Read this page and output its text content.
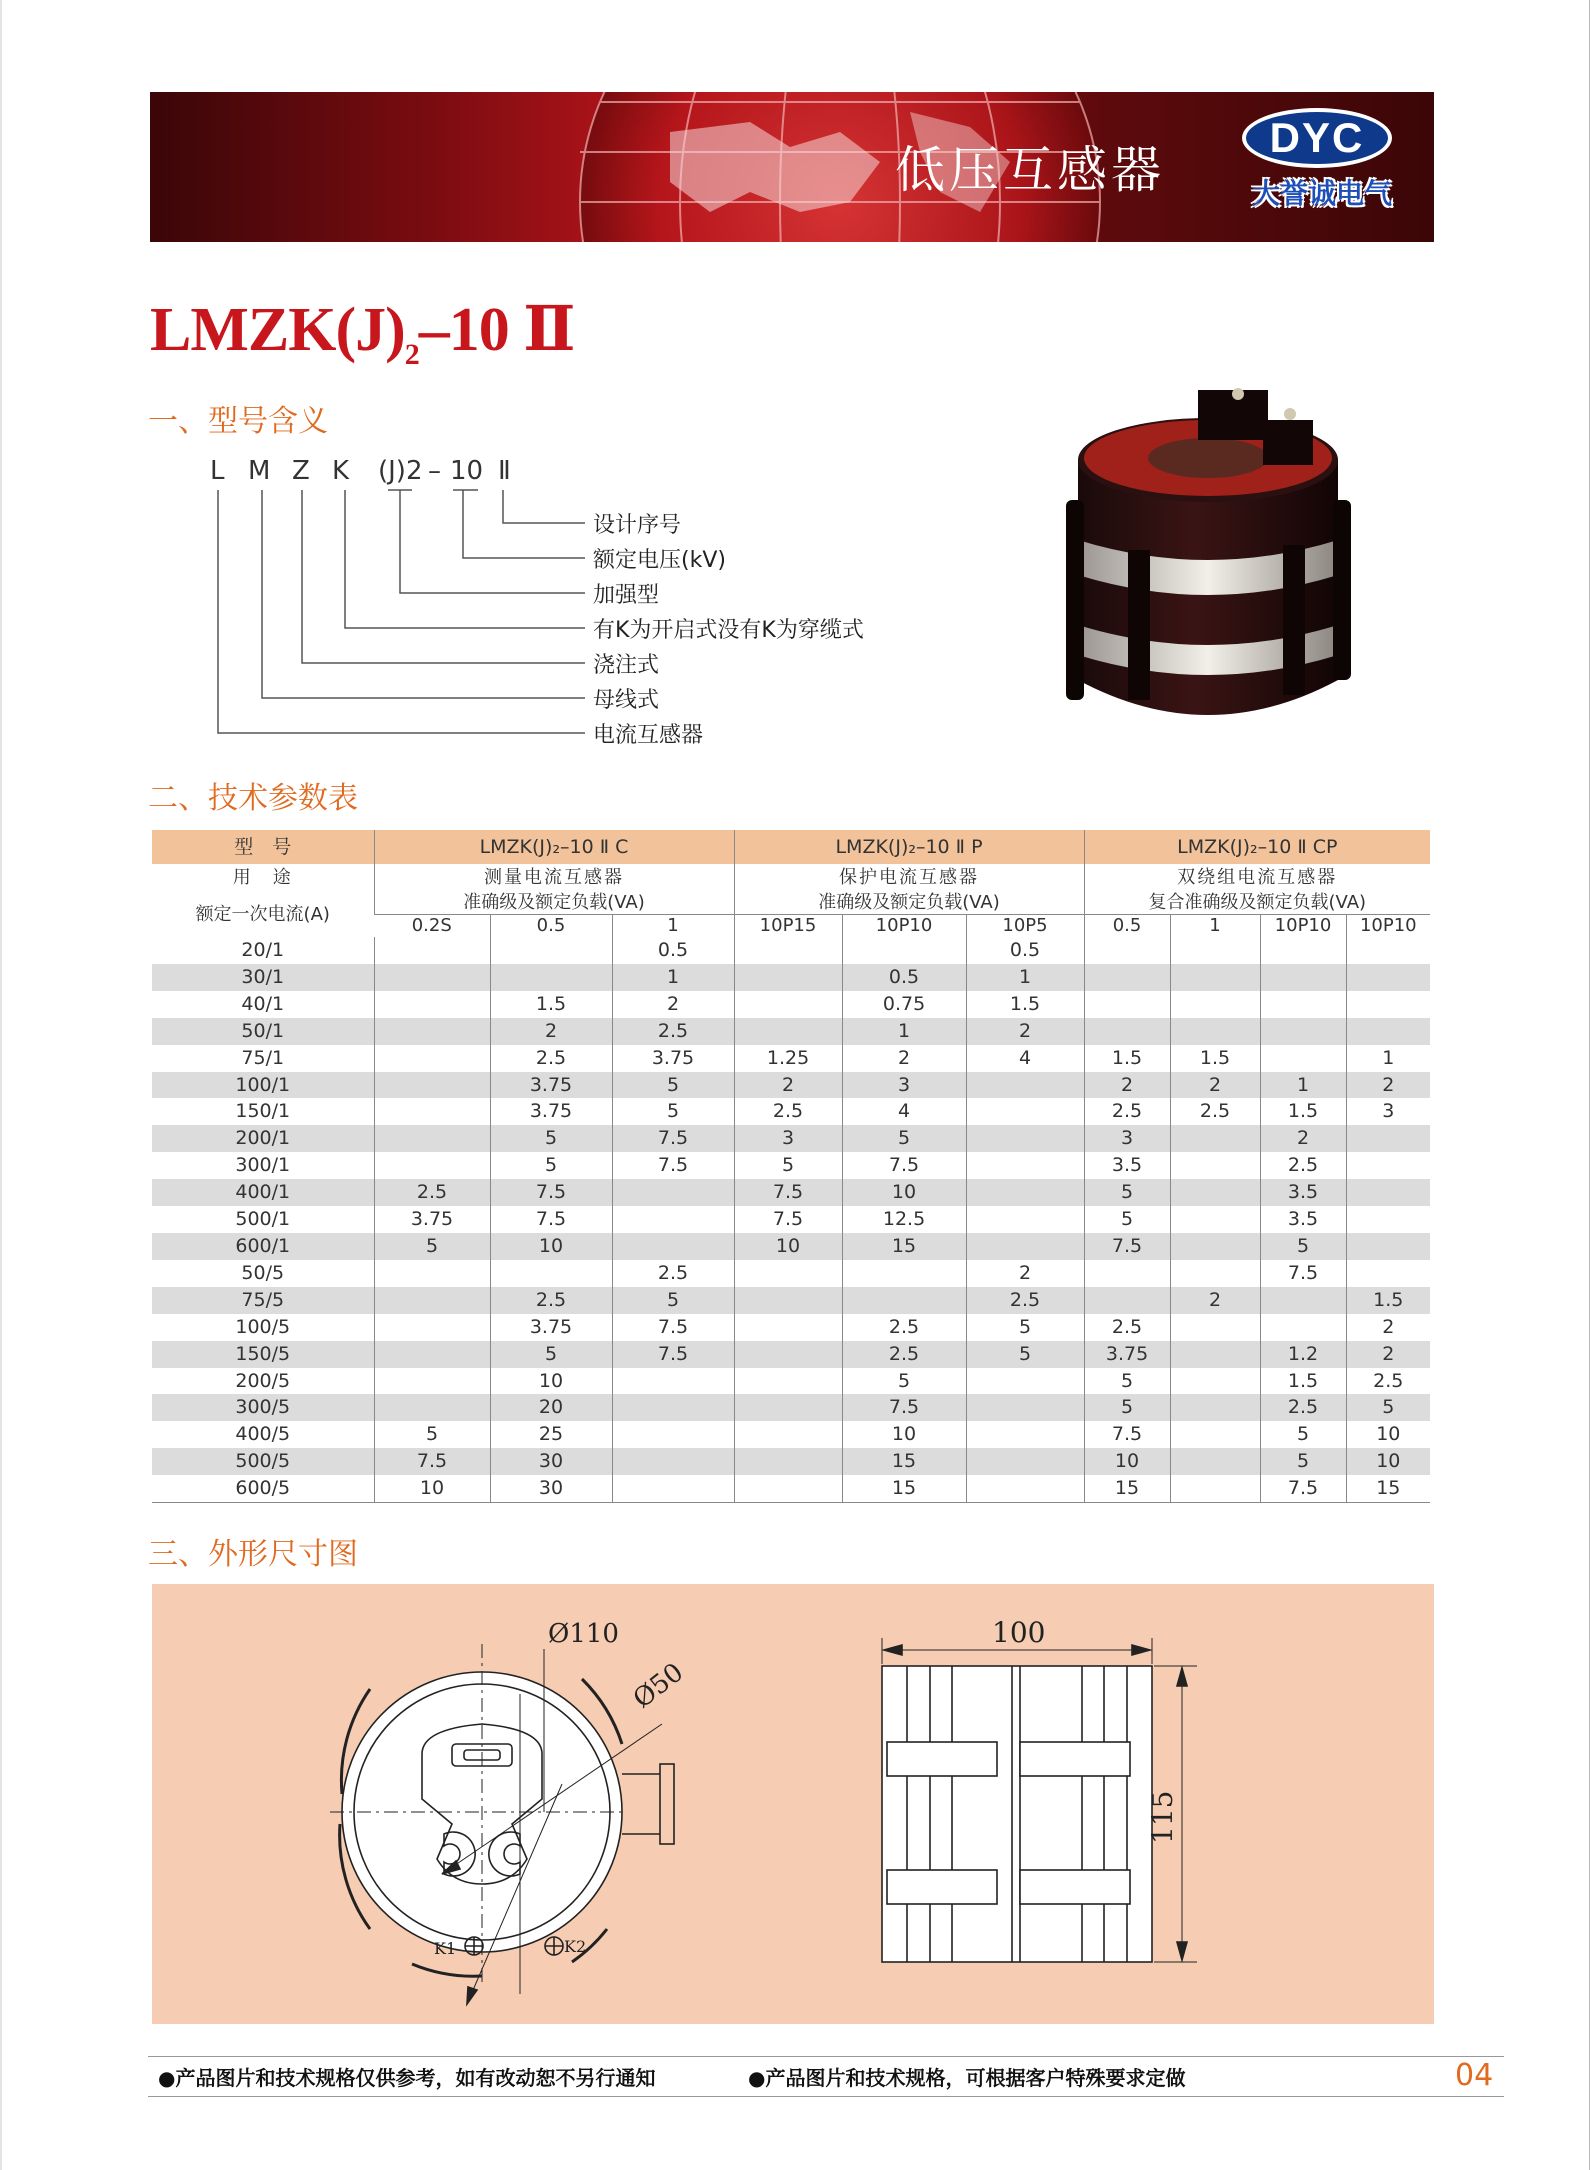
低压互感器
DYC
大誉诚电气
$LMZK(J)_2-10$ Ⅱ
一、型号含义
L M Z K (J)2 – 10 Ⅱ
设计序号
额定电压(kV)
加强型
有K为开启式没有K为穿缆式
浇注式
母线式
电流互感器
二、技术参数表
型　号	LMZK(J)₂–10 Ⅱ C			LMZK(J)₂–10 Ⅱ P			LMZK(J)₂–10 Ⅱ CP			
用　途	测量电流互感器			保护电流互感器			双绕组电流互感器			
额定一次电流(A)	准确级及额定负载(VA)			准确级及额定负载(VA)			复合准确级及额定负载(VA)			
	0.2S	0.5	1	10P15	10P10	10P5	0.5	1	10P10	10P10
20/1			0.5			0.5				
30/1			1		0.5	1				
40/1		1.5	2		0.75	1.5				
50/1		2	2.5		1	2				
75/1		2.5	3.75	1.25	2	4	1.5	1.5		1
100/1		3.75	5	2	3		2	2	1	2
150/1		3.75	5	2.5	4		2.5	2.5	1.5	3
200/1		5	7.5	3	5		3		2	
300/1		5	7.5	5	7.5		3.5		2.5	
400/1	2.5	7.5		7.5	10		5		3.5	
500/1	3.75	7.5		7.5	12.5		5		3.5	
600/1	5	10		10	15		7.5		5	
50/5			2.5			2			7.5	
75/5		2.5	5			2.5		2		1.5
100/5		3.75	7.5		2.5	5	2.5			2
150/5		5	7.5		2.5	5	3.75		1.2	2
200/5		10			5		5		1.5	2.5
300/5		20			7.5		5		2.5	5
400/5	5	25			10		7.5		5	10
500/5	7.5	30			15		10		5	10
600/5	10	30			15		15		7.5	15
三、外形尺寸图
Ø110
Ø50
K1	K2
100
115
●产品图片和技术规格仅供参考，如有改动恕不另行通知	●产品图片和技术规格，可根据客户特殊要求定做	04
